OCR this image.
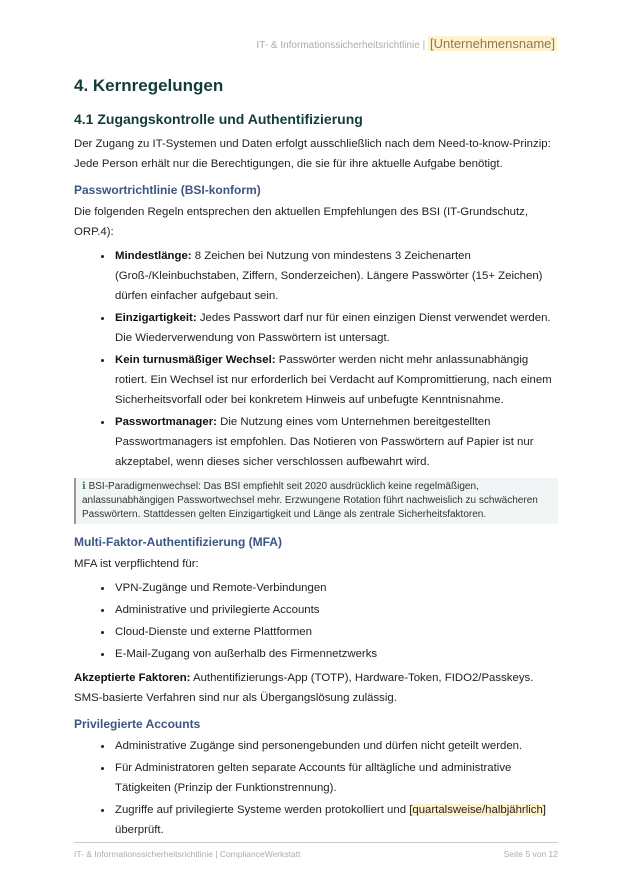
IT- & Informationssicherheitsrichtlinie | [Unternehmensname]
4. Kernregelungen
4.1 Zugangskontrolle und Authentifizierung

Der Zugang zu IT-Systemen und Daten erfolgt ausschließlich nach dem Need-to-know-Prinzip: Jede Person erhält nur die Berechtigungen, die sie für ihre aktuelle Aufgabe benötigt.

Passwortrichtlinie (BSI-konform)

Die folgenden Regeln entsprechen den aktuellen Empfehlungen des BSI (IT-Grundschutz, ORP.4):

• Mindestlänge: 8 Zeichen bei Nutzung von mindestens 3 Zeichenarten (Groß-/Kleinbuchstaben, Ziffern, Sonderzeichen). Längere Passwörter (15+ Zeichen) dürfen einfacher aufgebaut sein.
• Einzigartigkeit: Jedes Passwort darf nur für einen einzigen Dienst verwendet werden. Die Wiederverwendung von Passwörtern ist untersagt.
• Kein turnusmäßiger Wechsel: Passwörter werden nicht mehr anlassunabhängig rotiert. Ein Wechsel ist nur erforderlich bei Verdacht auf Kompromittierung, nach einem Sicherheitsvorfall oder bei konkretem Hinweis auf unbefugte Kenntnisnahme.
• Passwortmanager: Die Nutzung eines vom Unternehmen bereitgestellten Passwortmanagers ist empfohlen. Das Notieren von Passwörtern auf Papier ist nur akzeptabel, wenn dieses sicher verschlossen aufbewahrt wird.
ℹ BSI-Paradigmenwechsel: Das BSI empfiehlt seit 2020 ausdrücklich keine regelmäßigen, anlassunabhängigen Passwortwechsel mehr. Erzwungene Rotation führt nachweislich zu schwächeren Passwörtern. Stattdessen gelten Einzigartigkeit und Länge als zentrale Sicherheitsfaktoren.
Multi-Faktor-Authentifizierung (MFA)

MFA ist verpflichtend für:

• VPN-Zugänge und Remote-Verbindungen
• Administrative und privilegierte Accounts
• Cloud-Dienste und externe Plattformen
• E-Mail-Zugang von außerhalb des Firmennetzwerks

Akzeptierte Faktoren: Authentifizierungs-App (TOTP), Hardware-Token, FIDO2/Passkeys. SMS-basierte Verfahren sind nur als Übergangslösung zulässig.

Privilegierte Accounts
• Administrative Zugänge sind personengebunden und dürfen nicht geteilt werden.
• Für Administratoren gelten separate Accounts für alltägliche und administrative Tätigkeiten (Prinzip der Funktionstrennung).
• Zugriffe auf privilegierte Systeme werden protokolliert und [quartalsweise/halbjährlich] überprüft.
IT- & Informationssicherheitsrichtlinie | ComplianceWerkstatt	Seite 5 von 12
